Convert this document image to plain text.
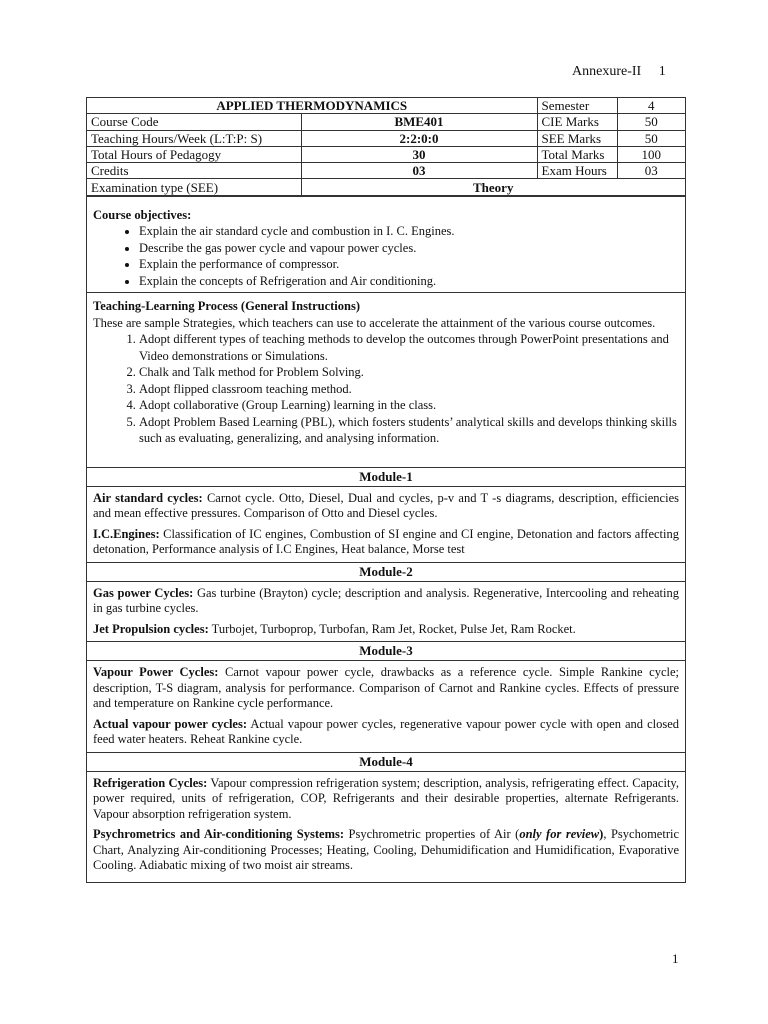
Annexure-II 1
APPLIED THERMODYNAMICS		Semester	4
Course Code	BME401	CIE Marks	50
Teaching Hours/Week (L:T:P: S)	2:2:0:0	SEE Marks	50
Total Hours of Pedagogy	30	Total Marks	100
Credits	03	Exam Hours	03
Examination type (SEE)	Theory		
Course objectives:
• Explain the air standard cycle and combustion in I. C. Engines.
• Describe the gas power cycle and vapour power cycles.
• Explain the performance of compressor.
• Explain the concepts of Refrigeration and Air conditioning.
Teaching-Learning Process (General Instructions)
These are sample Strategies, which teachers can use to accelerate the attainment of the various course outcomes.
1. Adopt different types of teaching methods to develop the outcomes through PowerPoint presentations and Video demonstrations or Simulations.
2. Chalk and Talk method for Problem Solving.
3. Adopt flipped classroom teaching method.
4. Adopt collaborative (Group Learning) learning in the class.
5. Adopt Problem Based Learning (PBL), which fosters students’ analytical skills and develops thinking skills such as evaluating, generalizing, and analysing information.
Module-1

Air standard cycles: Carnot cycle. Otto, Diesel, Dual and cycles, p-v and T -s diagrams, description, efficiencies and mean effective pressures. Comparison of Otto and Diesel cycles.

I.C.Engines: Classification of IC engines, Combustion of SI engine and CI engine, Detonation and factors affecting detonation, Performance analysis of I.C Engines, Heat balance, Morse test

Module-2

Gas power Cycles: Gas turbine (Brayton) cycle; description and analysis. Regenerative, Intercooling and reheating in gas turbine cycles.

Jet Propulsion cycles: Turbojet, Turboprop, Turbofan, Ram Jet, Rocket, Pulse Jet, Ram Rocket.

Module-3

Vapour Power Cycles: Carnot vapour power cycle, drawbacks as a reference cycle. Simple Rankine cycle; description, T-S diagram, analysis for performance. Comparison of Carnot and Rankine cycles. Effects of pressure and temperature on Rankine cycle performance.

Actual vapour power cycles: Actual vapour power cycles, regenerative vapour power cycle with open and closed feed water heaters. Reheat Rankine cycle.

Module-4

Refrigeration Cycles: Vapour compression refrigeration system; description, analysis, refrigerating effect. Capacity, power required, units of refrigeration, COP, Refrigerants and their desirable properties, alternate Refrigerants. Vapour absorption refrigeration system.

Psychrometrics and Air-conditioning Systems: Psychrometric properties of Air (only for review), Psychometric Chart, Analyzing Air-conditioning Processes; Heating, Cooling, Dehumidification and Humidification, Evaporative Cooling. Adiabatic mixing of two moist air streams.

1
